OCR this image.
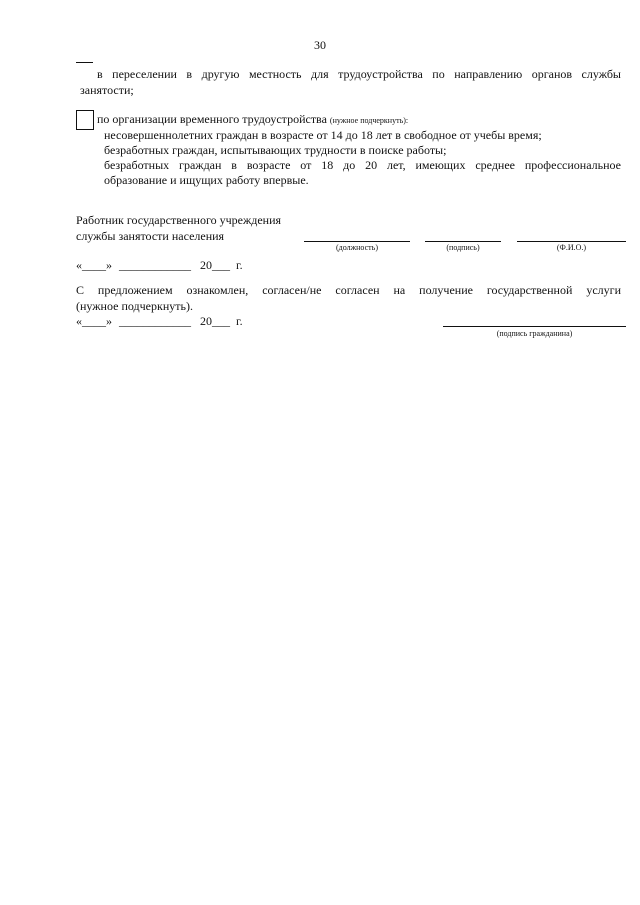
30
в переселении в другую местность для трудоустройства по направлению органов службы
занятости;
по организации временного трудоустройства (нужное подчеркнуть):
несовершеннолетних граждан в возрасте от 14 до 18 лет в свободное от учебы время;
безработных граждан, испытывающих трудности в поиске работы;
безработных граждан в возрасте от 18 до 20 лет, имеющих среднее профессиональное
образование и ищущих работу впервые.
Работник государственного учреждения
службы занятости населения
(должность)	(подпись)	(Ф.И.О.)
«____» ____________ 20___ г.
С предложением ознакомлен, согласен/не согласен на получение государственной услуги
(нужное подчеркнуть).
«____» ____________ 20___ г.
(подпись гражданина)
